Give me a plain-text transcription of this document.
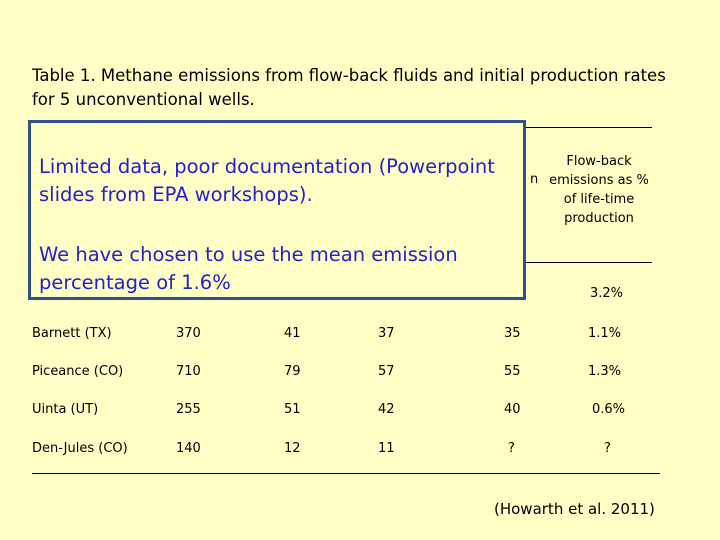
Table 1. Methane emissions from flow-back fluids and initial production rates for 5 unconventional wells.
Flow-back emissions as % of life-time production
n
3.2%
Barnett (TX)	370	41	37	35	1.1%
Piceance (CO)	710	79	57	55	1.3%
Uinta (UT)	255	51	42	40	0.6%
Den-Jules (CO)	140	12	11	?	?
Limited data, poor documentation (Powerpoint slides from EPA workshops).
We have chosen to use the mean emission percentage of 1.6%
(Howarth et al. 2011)
